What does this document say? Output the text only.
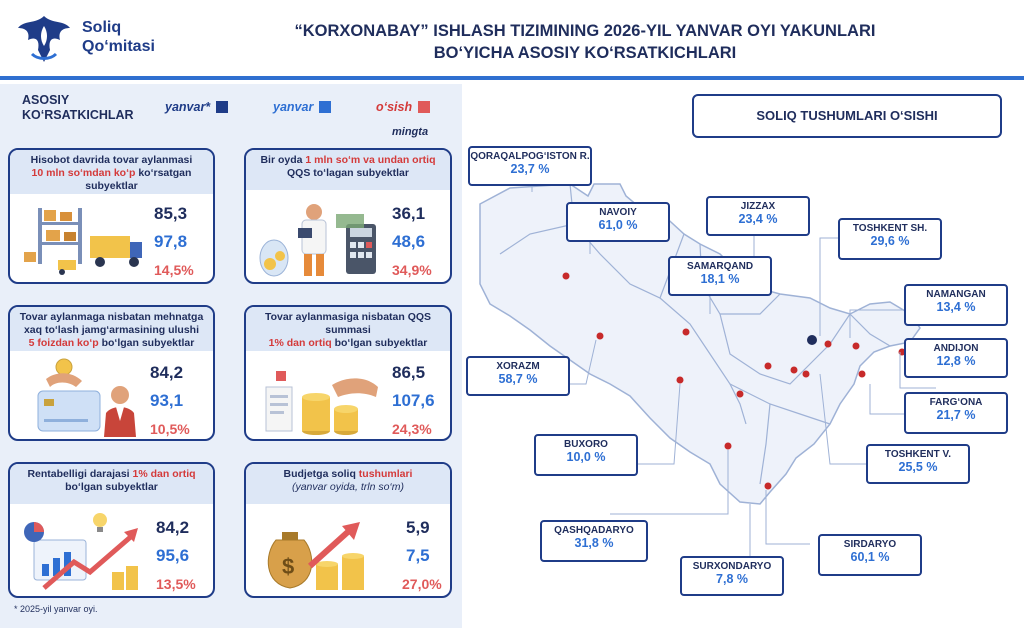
Soliq
Qo‘mitasi
“KORXONABAY” ISHLASH TIZIMINING 2026-YIL YANVAR OYI YAKUNLARI
BO‘YICHA ASOSIY KO‘RSATKICHLARI
ASOSIY
KO‘RSATKICHLAR
yanvar*	yanvar	o‘sish
mingta
Hisobot davrida tovar aylanmasi
10 mln so‘mdan ko‘p ko‘rsatgan subyektlar
85,3
97,8
14,5%
Bir oyda 1 mln so‘m va undan ortiq
QQS to‘lagan subyektlar
36,1
48,6
34,9%
Tovar aylanmaga nisbatan mehnatga xaq to‘lash jamg‘armasining ulushi
5 foizdan ko‘p bo‘lgan subyektlar
84,2
93,1
10,5%
Tovar aylanmasiga nisbatan QQS summasi
1% dan ortiq bo‘lgan subyektlar
86,5
107,6
24,3%
Rentabelligi darajasi 1% dan ortiq
bo‘lgan subyektlar
84,2
95,6
13,5%
Budjetga soliq tushumlari
(yanvar oyida, trln so‘m)
$
5,9
7,5
27,0%
* 2025-yil yanvar oyi.
SOLIQ TUSHUMLARI O‘SISHI
QORAQALPOG‘ISTON R.
23,7 %
NAVOIY
61,0 %
JIZZAX
23,4 %
TOSHKENT SH.
29,6 %
SAMARQAND
18,1 %
NAMANGAN
13,4 %
ANDIJON
12,8 %
XORAZM
58,7 %
FARG‘ONA
21,7 %
BUXORO
10,0 %	TOSHKENT V.
25,5 %
QASHQADARYO
31,8 %	SIRDARYO
60,1 %
SURXONDARYO
7,8 %
